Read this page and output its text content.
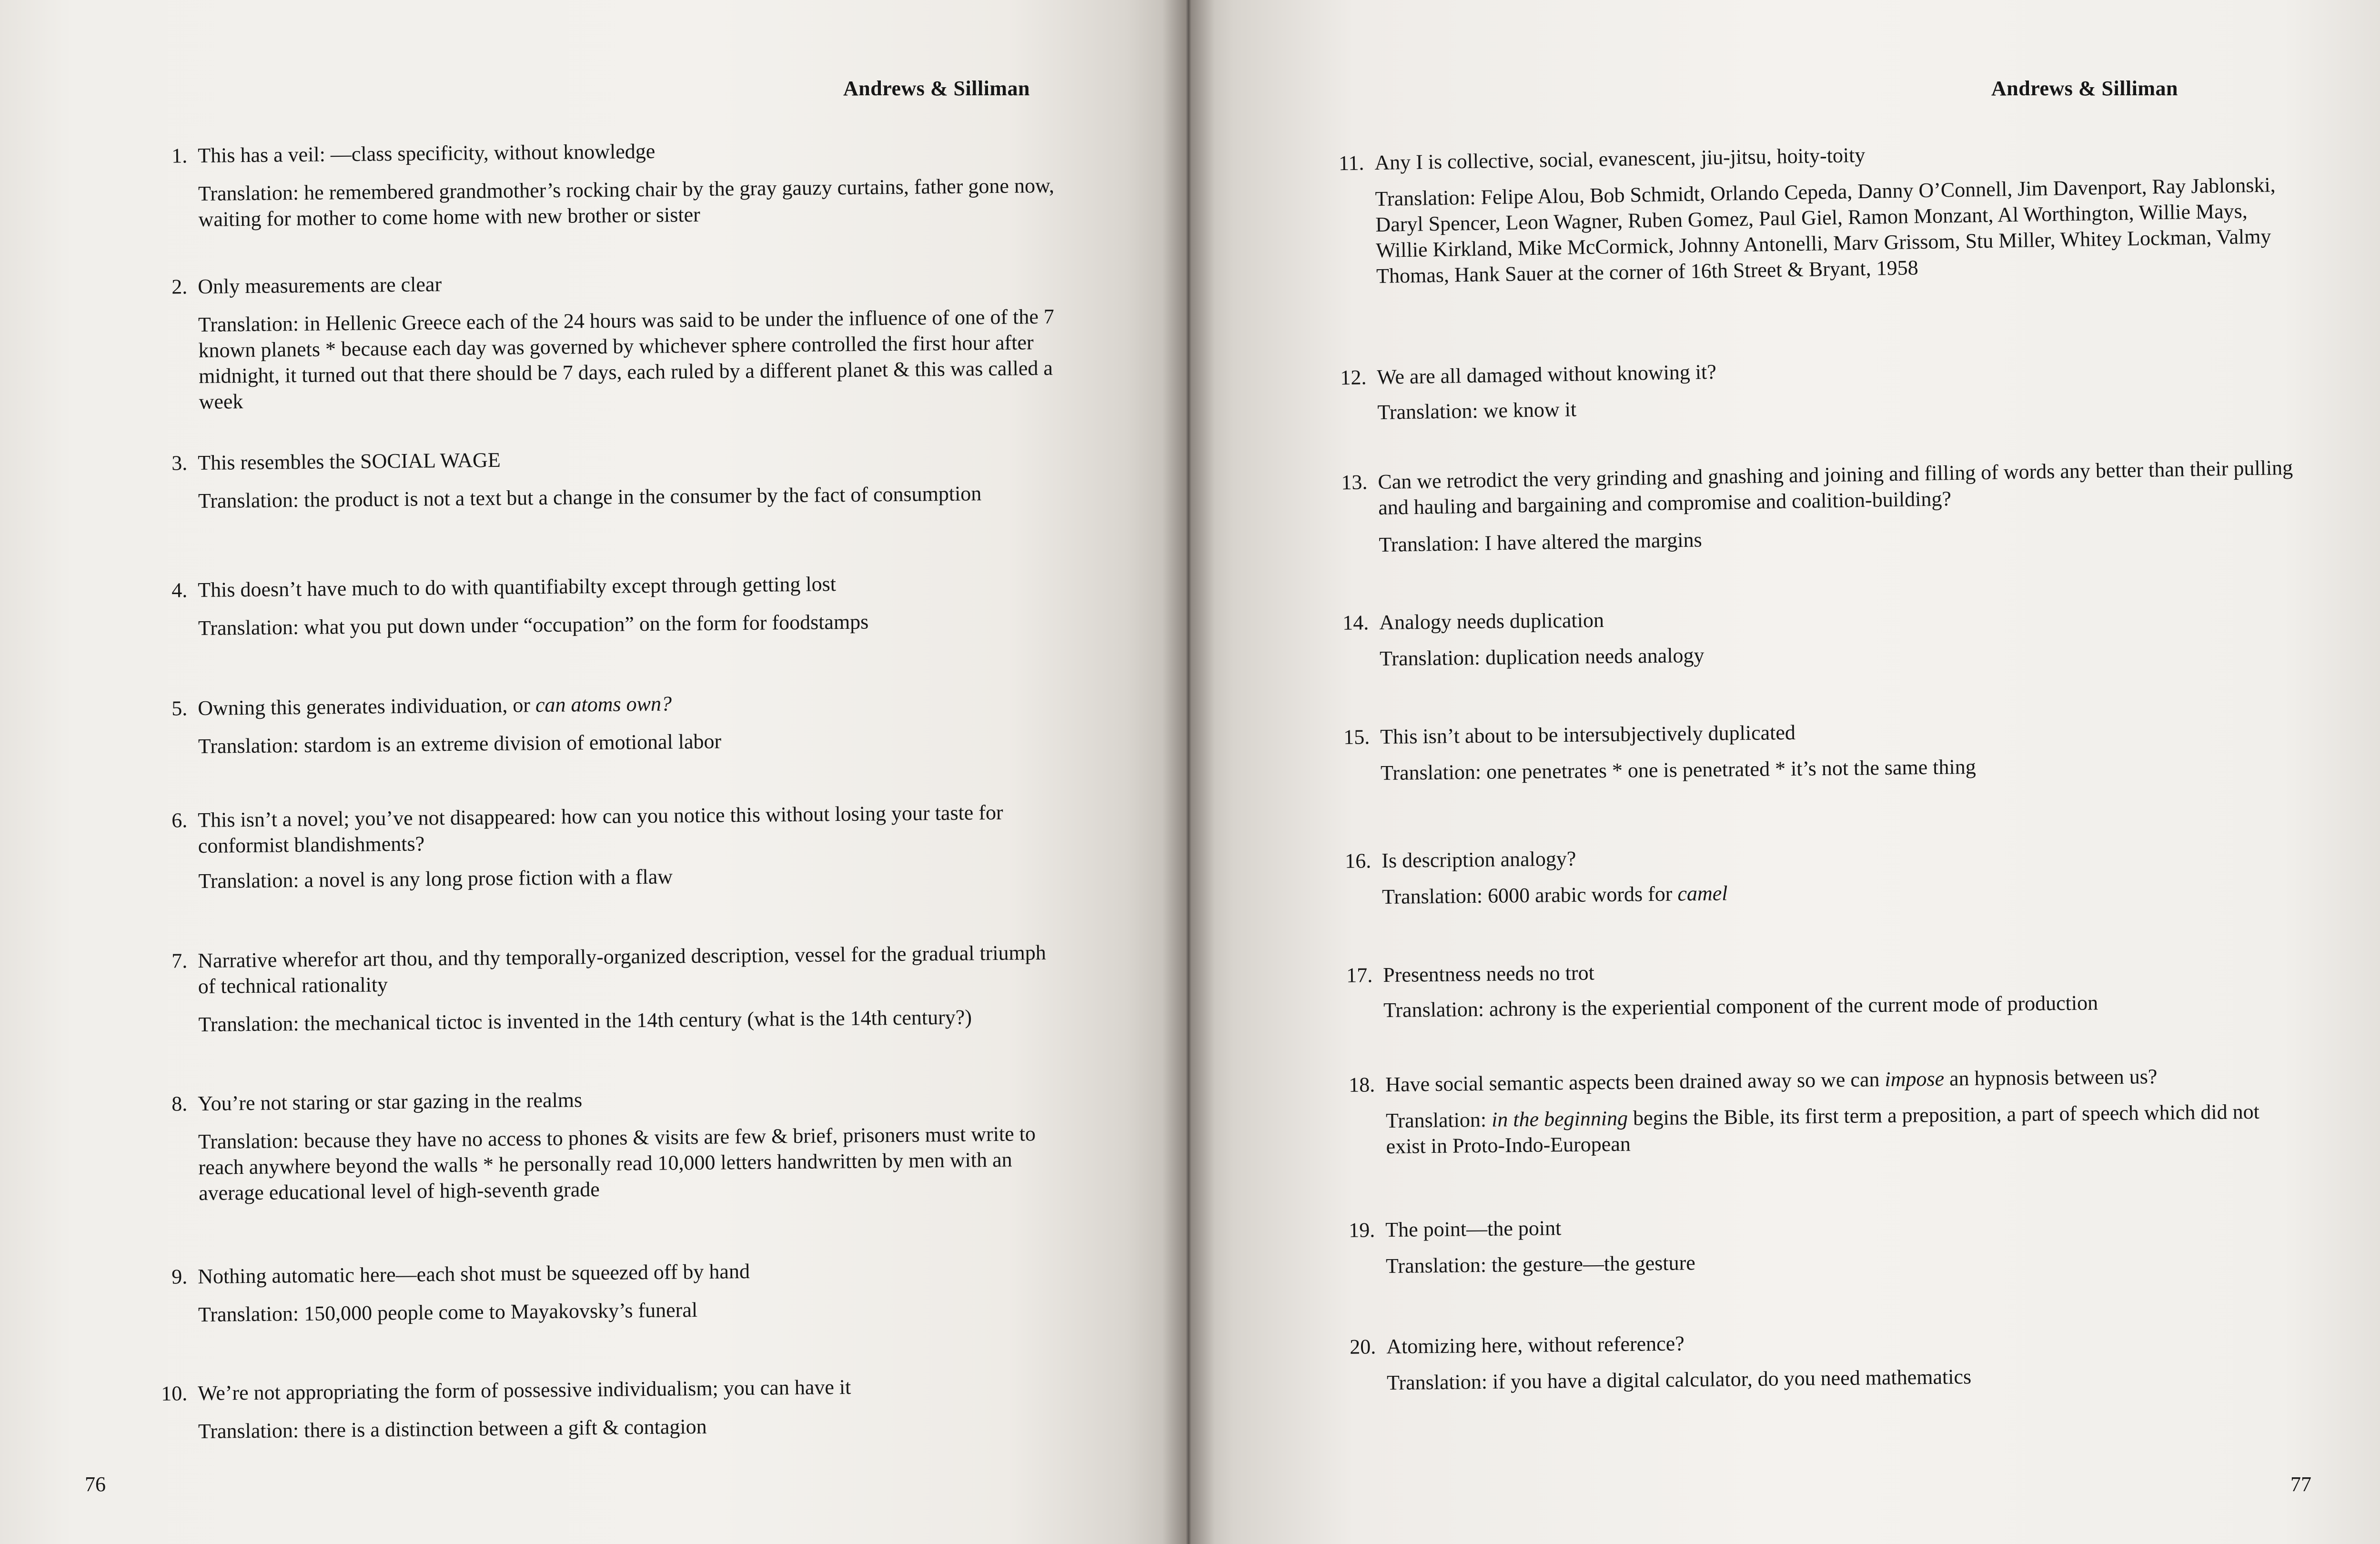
Andrews & Silliman
1. This has a veil: —class specificity, without knowledge
Translation: he remembered grandmother’s rocking chair by the gray gauzy curtains, father gone now, waiting for mother to come home with new brother or sister
2. Only measurements are clear
Translation: in Hellenic Greece each of the 24 hours was said to be under the influence of one of the 7 known planets * because each day was governed by whichever sphere controlled the first hour after midnight, it turned out that there should be 7 days, each ruled by a different planet & this was called a week
3. This resembles the SOCIAL WAGE
Translation: the product is not a text but a change in the consumer by the fact of consumption
4. This doesn’t have much to do with quantifiabilty except through getting lost
Translation: what you put down under “occupation” on the form for foodstamps
5. Owning this generates individuation, or can atoms own?
Translation: stardom is an extreme division of emotional labor
6. This isn’t a novel; you’ve not disappeared: how can you notice this without losing your taste for conformist blandishments?
Translation: a novel is any long prose fiction with a flaw
7. Narrative wherefor art thou, and thy temporally-organized description, vessel for the gradual triumph of technical rationality
Translation: the mechanical tictoc is invented in the 14th century (what is the 14th century?)
8. You’re not staring or star gazing in the realms
Translation: because they have no access to phones & visits are few & brief, prisoners must write to reach anywhere beyond the walls * he personally read 10,000 letters handwritten by men with an average educational level of high-seventh grade
9. Nothing automatic here—each shot must be squeezed off by hand
Translation: 150,000 people come to Mayakovsky’s funeral
10. We’re not appropriating the form of possessive individualism; you can have it
Translation: there is a distinction between a gift & contagion
76
Andrews & Silliman
11. Any I is collective, social, evanescent, jiu-jitsu, hoity-toity
Translation: Felipe Alou, Bob Schmidt, Orlando Cepeda, Danny O’Connell, Jim Davenport, Ray Jablonski, Daryl Spencer, Leon Wagner, Ruben Gomez, Paul Giel, Ramon Monzant, Al Worthington, Willie Mays, Willie Kirkland, Mike McCormick, Johnny Antonelli, Marv Grissom, Stu Miller, Whitey Lockman, Valmy Thomas, Hank Sauer at the corner of 16th Street & Bryant, 1958
12. We are all damaged without knowing it?
Translation: we know it
13. Can we retrodict the very grinding and gnashing and joining and filling of words any better than their pulling and hauling and bargaining and compromise and coalition-building?
Translation: I have altered the margins
14. Analogy needs duplication
Translation: duplication needs analogy
15. This isn’t about to be intersubjectively duplicated
Translation: one penetrates * one is penetrated * it’s not the same thing
16. Is description analogy?
Translation: 6000 arabic words for camel
17. Presentness needs no trot
Translation: achrony is the experiential component of the current mode of production
18. Have social semantic aspects been drained away so we can impose an hypnosis between us?
Translation: in the beginning begins the Bible, its first term a preposition, a part of speech which did not exist in Proto-Indo-European
19. The point—the point
Translation: the gesture—the gesture
20. Atomizing here, without reference?
Translation: if you have a digital calculator, do you need mathematics
77
